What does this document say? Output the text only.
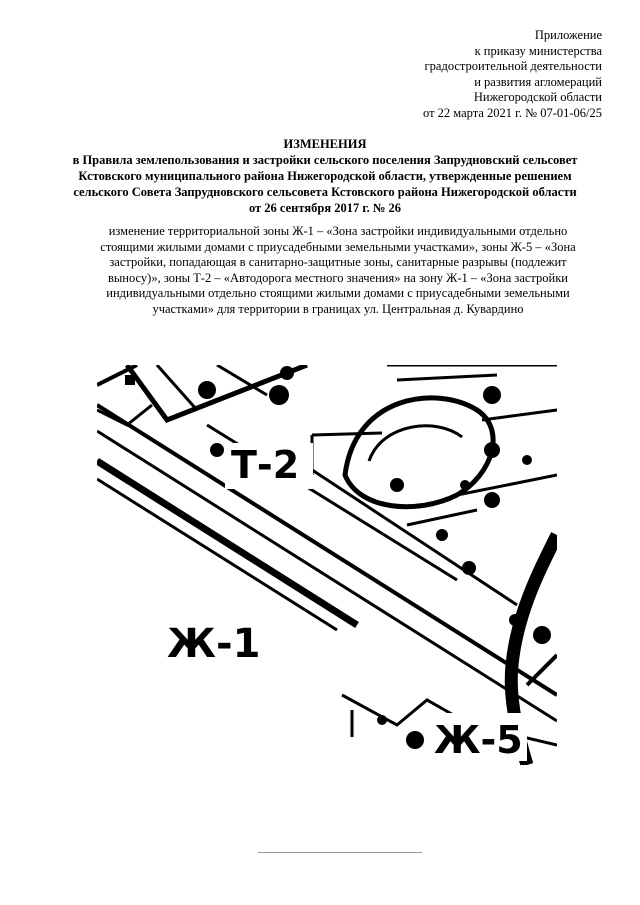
Приложение
к приказу министерства
градостроительной деятельности
и развития агломераций
Нижегородской области
от 22 марта 2021 г. № 07-01-06/25
ИЗМЕНЕНИЯ
в Правила землепользования и застройки сельского поселения Запрудновский сельсовет
Кстовского муниципального района Нижегородской области, утвержденные решением
сельского Совета Запрудновского сельсовета Кстовского района Нижегородской области
от 26 сентября 2017 г. № 26
изменение территориальной зоны Ж-1 – «Зона застройки индивидуальными отдельно
стоящими жилыми домами с приусадебными земельными участками», зоны Ж-5 – «Зона
застройки, попадающая в санитарно-защитные зоны, санитарные разрывы (подлежит
выносу)», зоны Т-2 – «Автодорога местного значения» на зону Ж-1 – «Зона застройки
индивидуальными отдельно стоящими жилыми домами с приусадебными земельными
участками» для территории в границах ул. Центральная д. Кувардино
Т-2
Ж-1
Ж-5
